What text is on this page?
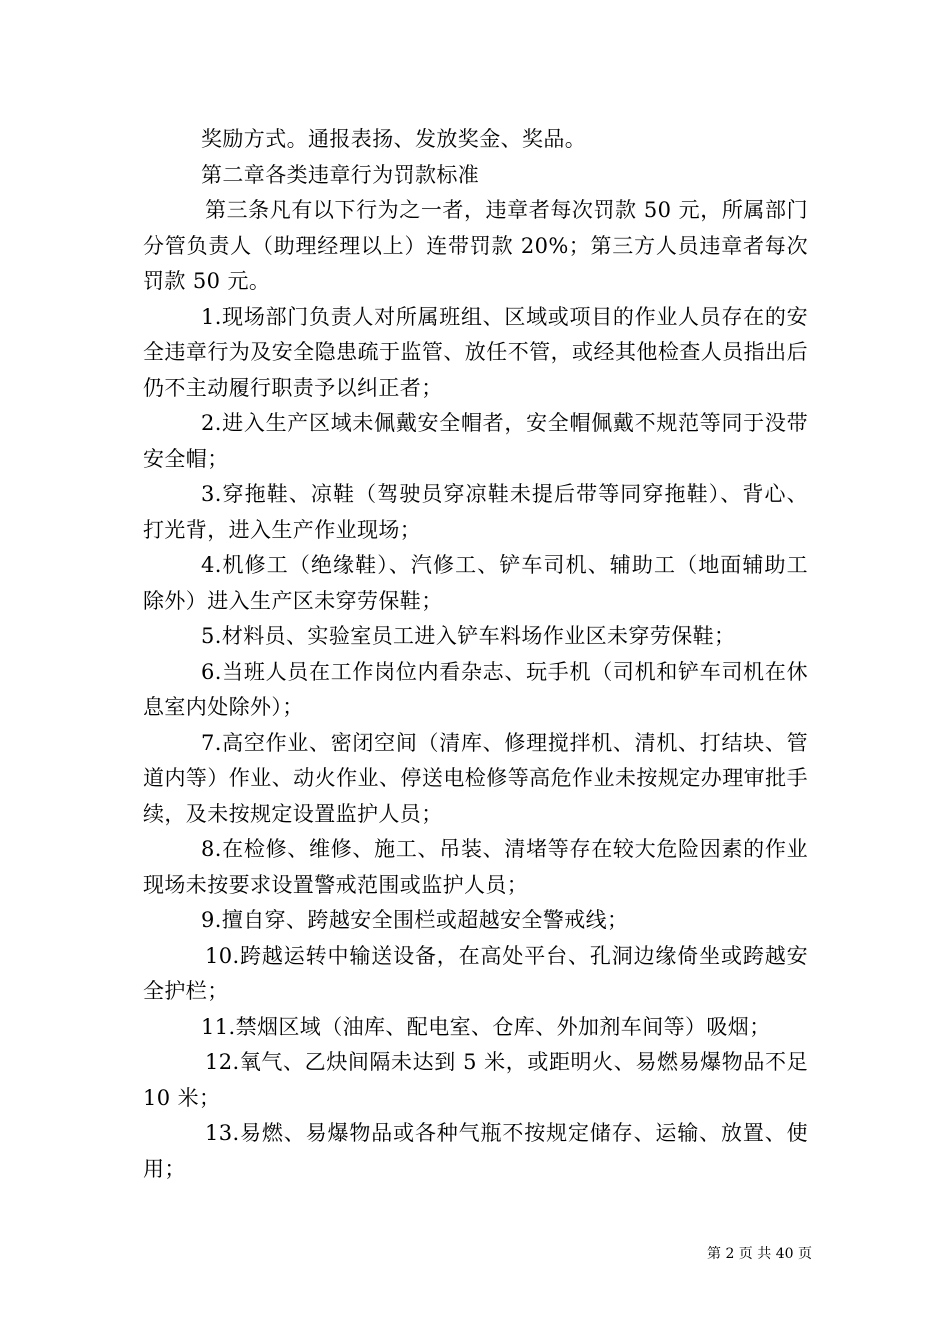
奖励方式。通报表扬、发放奖金、奖品。

第二章各类违章行为罚款标准

第三条凡有以下行为之一者，违章者每次罚款 50 元，所属部门分管负责人（助理经理以上）连带罚款 20%；第三方人员违章者每次罚款 50 元。

1.现场部门负责人对所属班组、区域或项目的作业人员存在的安全违章行为及安全隐患疏于监管、放任不管，或经其他检查人员指出后仍不主动履行职责予以纠正者；

2.进入生产区域未佩戴安全帽者，安全帽佩戴不规范等同于没带安全帽；

3.穿拖鞋、凉鞋（驾驶员穿凉鞋未提后带等同穿拖鞋）、背心、打光背，进入生产作业现场；

4.机修工（绝缘鞋）、汽修工、铲车司机、辅助工（地面辅助工除外）进入生产区未穿劳保鞋；

5.材料员、实验室员工进入铲车料场作业区未穿劳保鞋；

6.当班人员在工作岗位内看杂志、玩手机（司机和铲车司机在休息室内处除外）；

7.高空作业、密闭空间（清库、修理搅拌机、清机、打结块、管道内等）作业、动火作业、停送电检修等高危作业未按规定办理审批手续，及未按规定设置监护人员；

8.在检修、维修、施工、吊装、清堵等存在较大危险因素的作业现场未按要求设置警戒范围或监护人员；

9.擅自穿、跨越安全围栏或超越安全警戒线；

10.跨越运转中输送设备，在高处平台、孔洞边缘倚坐或跨越安全护栏；

11.禁烟区域（油库、配电室、仓库、外加剂车间等）吸烟；

12.氧气、乙炔间隔未达到 5 米，或距明火、易燃易爆物品不足 10 米；

13.易燃、易爆物品或各种气瓶不按规定储存、运输、放置、使用；

第 2 页 共 40 页
